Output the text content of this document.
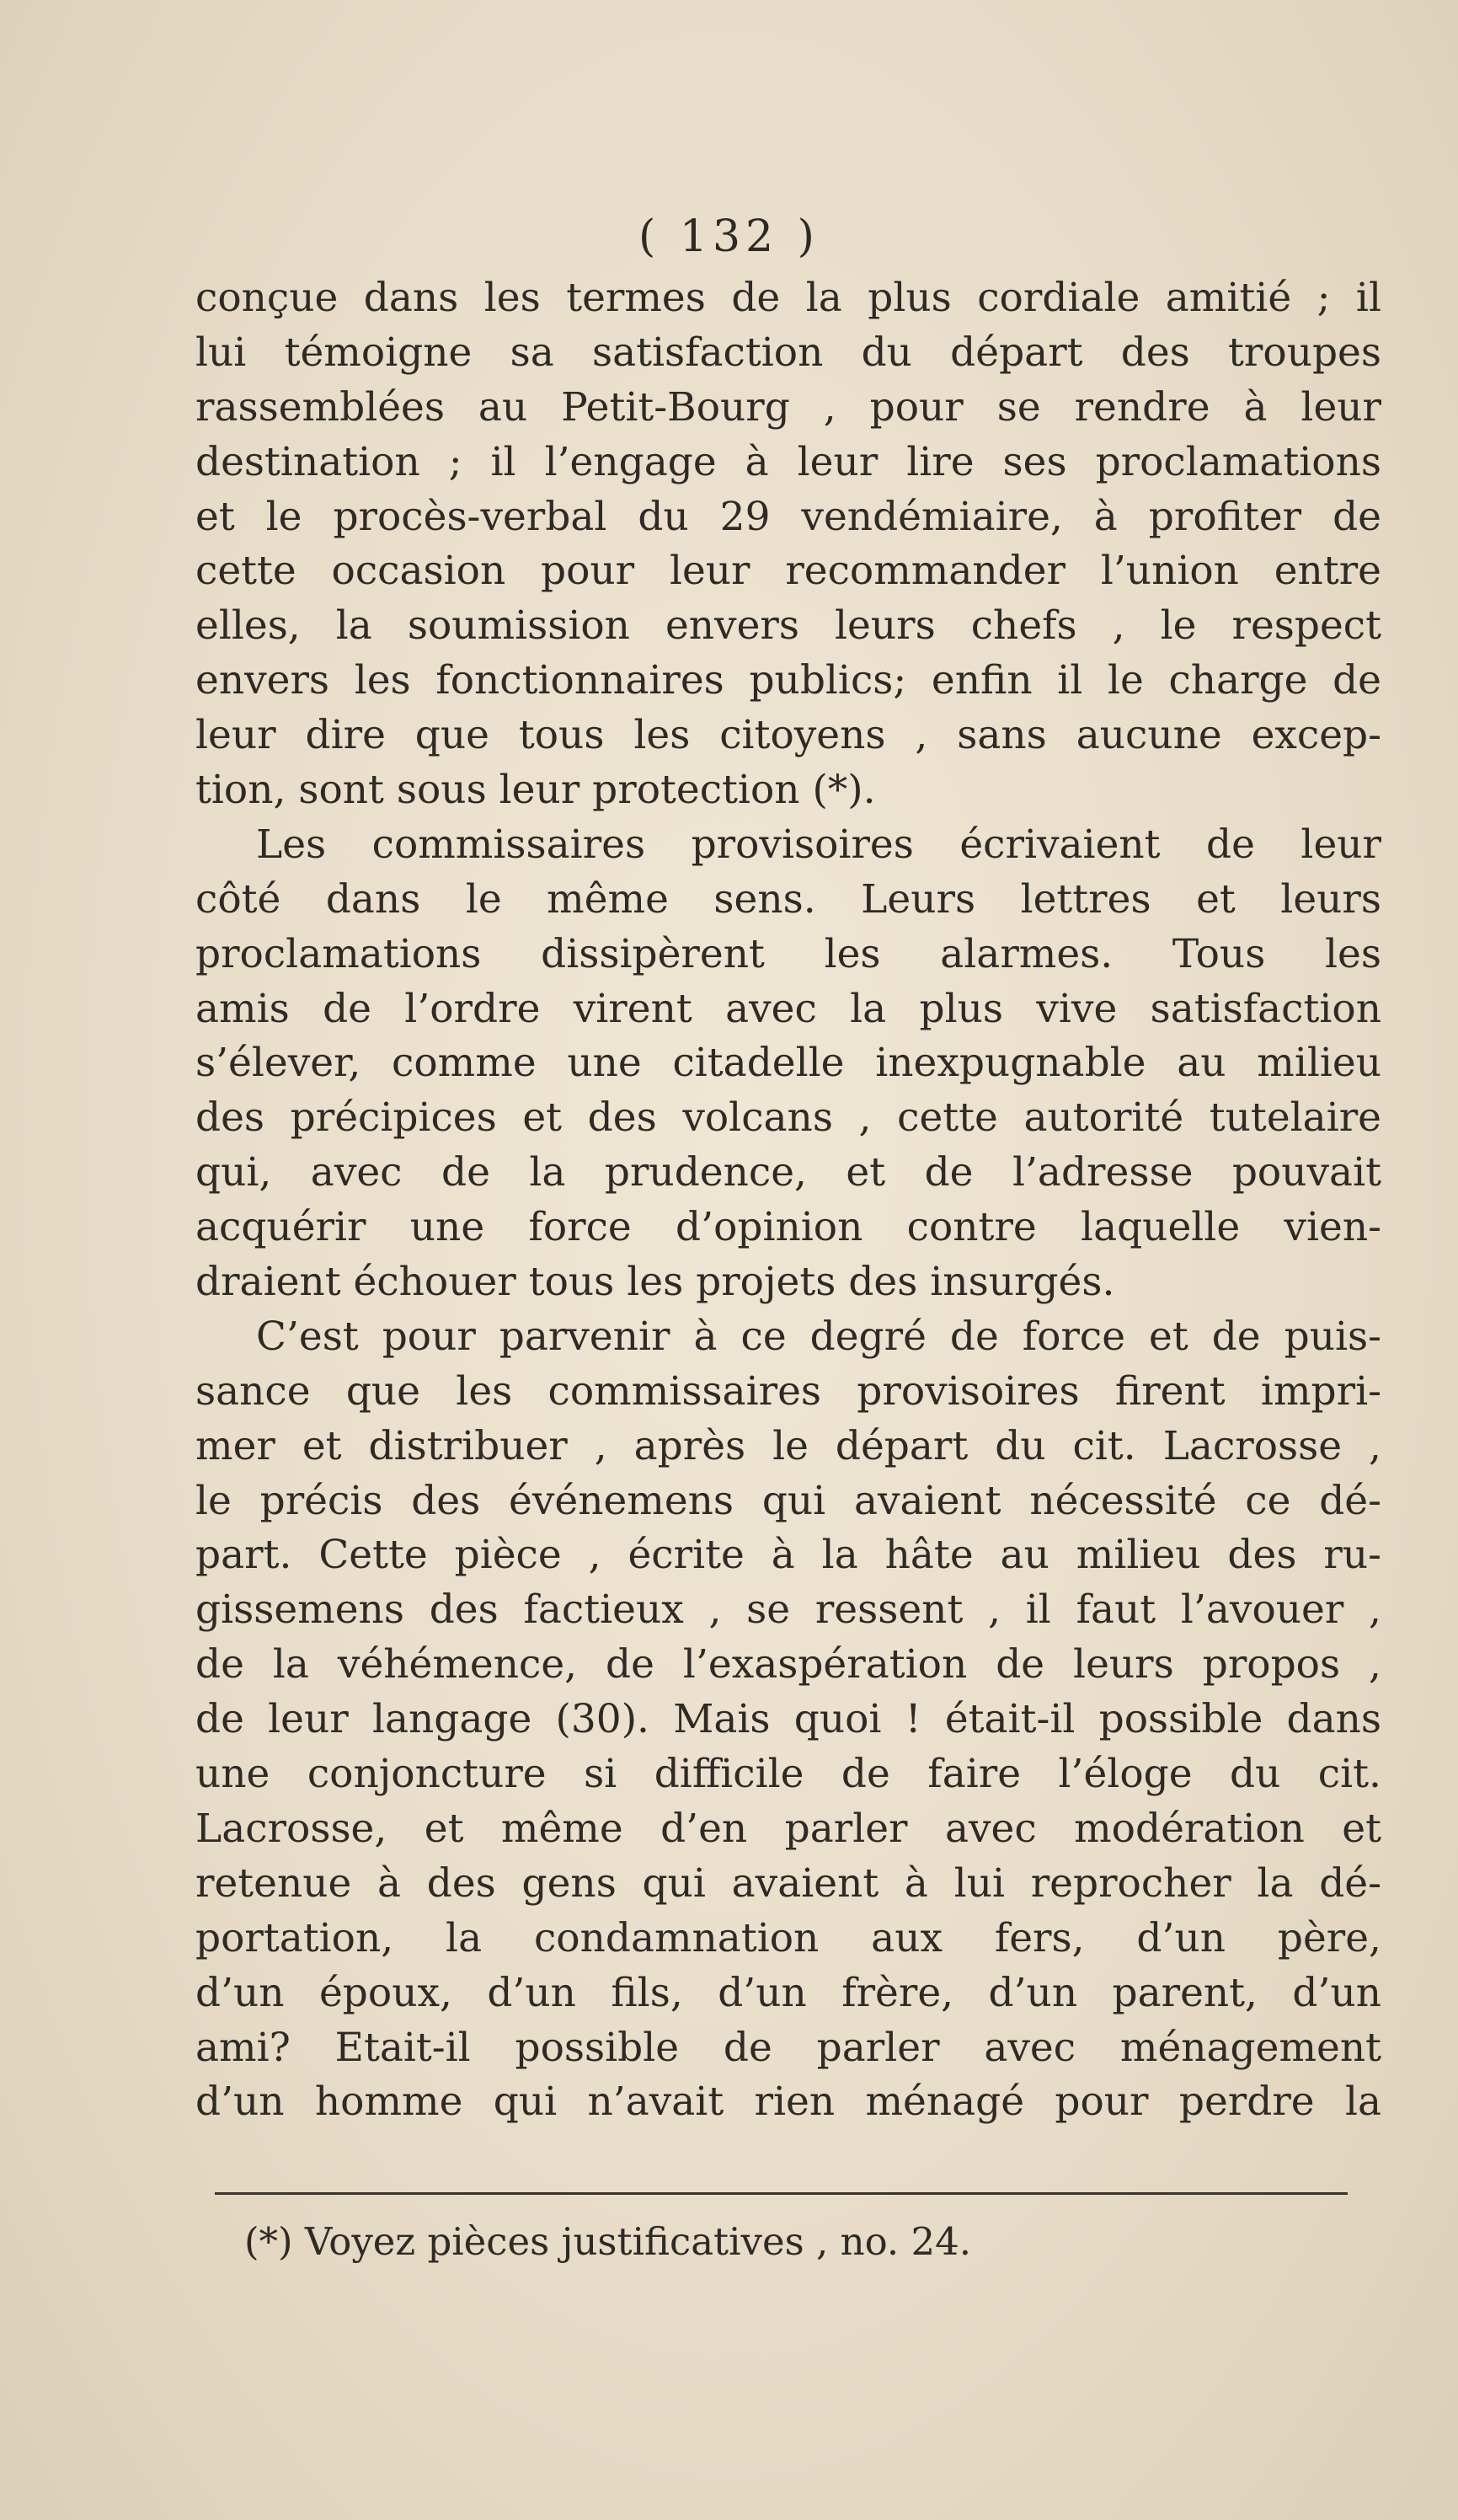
( 132 )
conçue dans les termes de la plus cordiale amitié ; il
lui témoigne sa satisfaction du départ des troupes
rassemblées au Petit-Bourg , pour se rendre à leur
destination ; il l’engage à leur lire ses proclamations
et le procès-verbal du 29 vendémiaire, à profiter de
cette occasion pour leur recommander l’union entre
elles, la soumission envers leurs chefs , le respect
envers les fonctionnaires publics; enfin il le charge de
leur dire que tous les citoyens , sans aucune excep-
tion, sont sous leur protection (*).
Les commissaires provisoires écrivaient de leur
côté dans le même sens. Leurs lettres et leurs
proclamations dissipèrent les alarmes. Tous les
amis de l’ordre virent avec la plus vive satisfaction
s’élever, comme une citadelle inexpugnable au milieu
des précipices et des volcans , cette autorité tutelaire
qui, avec de la prudence, et de l’adresse pouvait
acquérir une force d’opinion contre laquelle vien-
draient échouer tous les projets des insurgés.
C’est pour parvenir à ce degré de force et de puis-
sance que les commissaires provisoires firent impri-
mer et distribuer , après le départ du cit. Lacrosse ,
le précis des événemens qui avaient nécessité ce dé-
part. Cette pièce , écrite à la hâte au milieu des ru-
gissemens des factieux , se ressent , il faut l’avouer ,
de la véhémence, de l’exaspération de leurs propos ,
de leur langage (30). Mais quoi ! était-il possible dans
une conjoncture si difficile de faire l’éloge du cit.
Lacrosse, et même d’en parler avec modération et
retenue à des gens qui avaient à lui reprocher la dé-
portation, la condamnation aux fers, d’un père,
d’un époux, d’un fils, d’un frère, d’un parent, d’un
ami? Etait-il possible de parler avec ménagement
d’un homme qui n’avait rien ménagé pour perdre la
(*) Voyez pièces justificatives , no. 24.
